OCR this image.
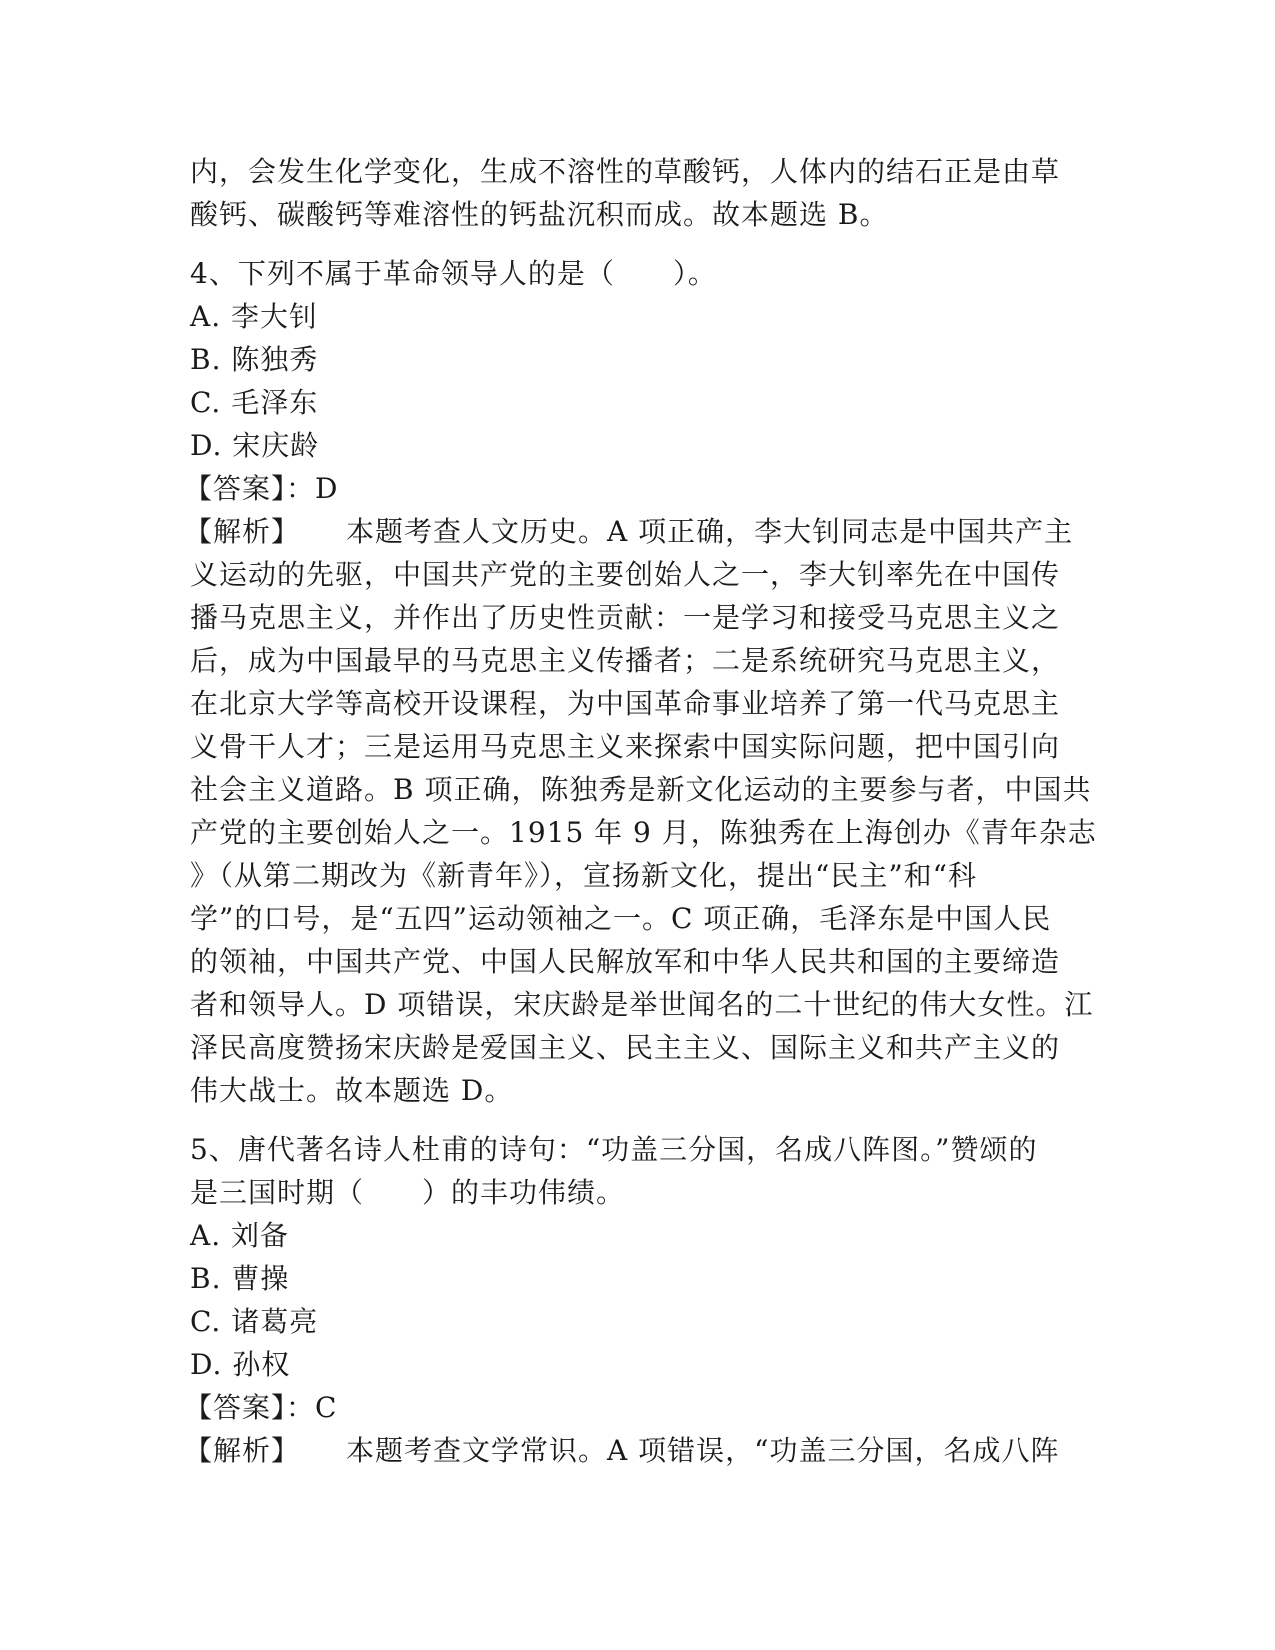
内，会发生化学变化，生成不溶性的草酸钙，人体内的结石正是由草
酸钙、碳酸钙等难溶性的钙盐沉积而成。故本题选 B。
4、下列不属于革命领导人的是（　　）。
A. 李大钊
B. 陈独秀
C. 毛泽东
D. 宋庆龄
【答案】：D
【解析】 本题考查人文历史。A 项正确，李大钊同志是中国共产主
义运动的先驱，中国共产党的主要创始人之一，李大钊率先在中国传
播马克思主义，并作出了历史性贡献：一是学习和接受马克思主义之
后，成为中国最早的马克思主义传播者；二是系统研究马克思主义，
在北京大学等高校开设课程，为中国革命事业培养了第一代马克思主
义骨干人才；三是运用马克思主义来探索中国实际问题，把中国引向
社会主义道路。B 项正确，陈独秀是新文化运动的主要参与者，中国共
产党的主要创始人之一。1915 年 9 月，陈独秀在上海创办《青年杂志
》（从第二期改为《新青年》），宣扬新文化，提出“民主”和“科
学”的口号，是“五四”运动领袖之一。C 项正确，毛泽东是中国人民
的领袖，中国共产党、中国人民解放军和中华人民共和国的主要缔造
者和领导人。D 项错误，宋庆龄是举世闻名的二十世纪的伟大女性。江
泽民高度赞扬宋庆龄是爱国主义、民主主义、国际主义和共产主义的
伟大战士。故本题选 D。
5、唐代著名诗人杜甫的诗句：“功盖三分国，名成八阵图。”赞颂的
是三国时期（　　）的丰功伟绩。
A. 刘备
B. 曹操
C. 诸葛亮
D. 孙权
【答案】：C
【解析】 本题考查文学常识。A 项错误，“功盖三分国，名成八阵
